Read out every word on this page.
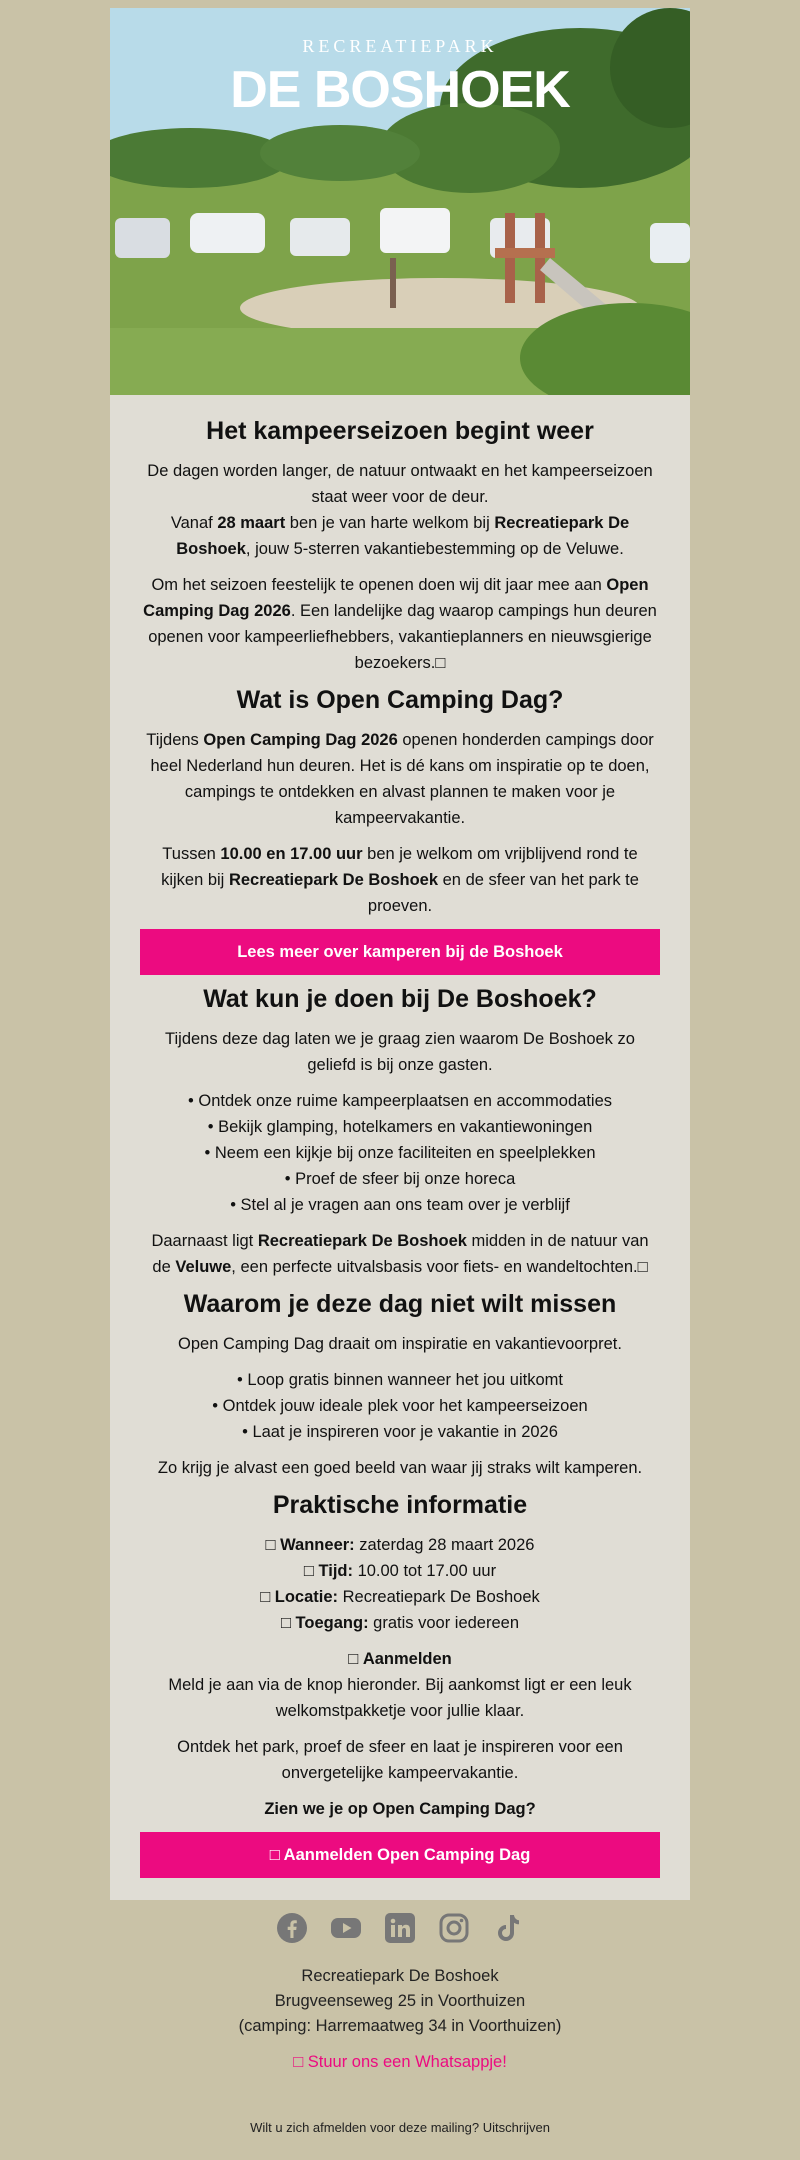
RECREATIEPARK
DE BOSHOEK
Het kampeerseizoen begint weer

De dagen worden langer, de natuur ontwaakt en het kampeerseizoen staat weer voor de deur.

Vanaf 28 maart ben je van harte welkom bij Recreatiepark De Boshoek, jouw 5-sterren vakantiebestemming op de Veluwe.

Om het seizoen feestelijk te openen doen wij dit jaar mee aan Open Camping Dag 2026. Een landelijke dag waarop campings hun deuren openen voor kampeerliefhebbers, vakantieplanners en nieuwsgierige bezoekers.□

Wat is Open Camping Dag?

Tijdens Open Camping Dag 2026 openen honderden campings door heel Nederland hun deuren. Het is dé kans om inspiratie op te doen, campings te ontdekken en alvast plannen te maken voor je kampeervakantie.

Tussen 10.00 en 17.00 uur ben je welkom om vrijblijvend rond te kijken bij Recreatiepark De Boshoek en de sfeer van het park te proeven.

Lees meer over kamperen bij de Boshoek
Wat kun je doen bij De Boshoek?

Tijdens deze dag laten we je graag zien waarom De Boshoek zo geliefd is bij onze gasten.

• Ontdek onze ruime kampeerplaatsen en accommodaties
• Bekijk glamping, hotelkamers en vakantiewoningen
• Neem een kijkje bij onze faciliteiten en speelplekken
• Proef de sfeer bij onze horeca
• Stel al je vragen aan ons team over je verblijf

Daarnaast ligt Recreatiepark De Boshoek midden in de natuur van de Veluwe, een perfecte uitvalsbasis voor fiets- en wandeltochten.□

Waarom je deze dag niet wilt missen

Open Camping Dag draait om inspiratie en vakantievoorpret.

• Loop gratis binnen wanneer het jou uitkomt
• Ontdek jouw ideale plek voor het kampeerseizoen
• Laat je inspireren voor je vakantie in 2026

Zo krijg je alvast een goed beeld van waar jij straks wilt kamperen.

Praktische informatie
□ Wanneer: zaterdag 28 maart 2026
□ Tijd: 10.00 tot 17.00 uur
□ Locatie: Recreatiepark De Boshoek
□ Toegang: gratis voor iedereen
□ Aanmelden
Meld je aan via de knop hieronder. Bij aankomst ligt er een leuk welkomstpakketje voor jullie klaar.

Ontdek het park, proef de sfeer en laat je inspireren voor een onvergetelijke kampeervakantie.

Zien we je op Open Camping Dag?

□ Aanmelden Open Camping Dag
Recreatiepark De Boshoek
Brugveenseweg 25 in Voorthuizen
(camping: Harremaatweg 34 in Voorthuizen)
□ Stuur ons een Whatsappje!
Wilt u zich afmelden voor deze mailing? Uitschrijven
